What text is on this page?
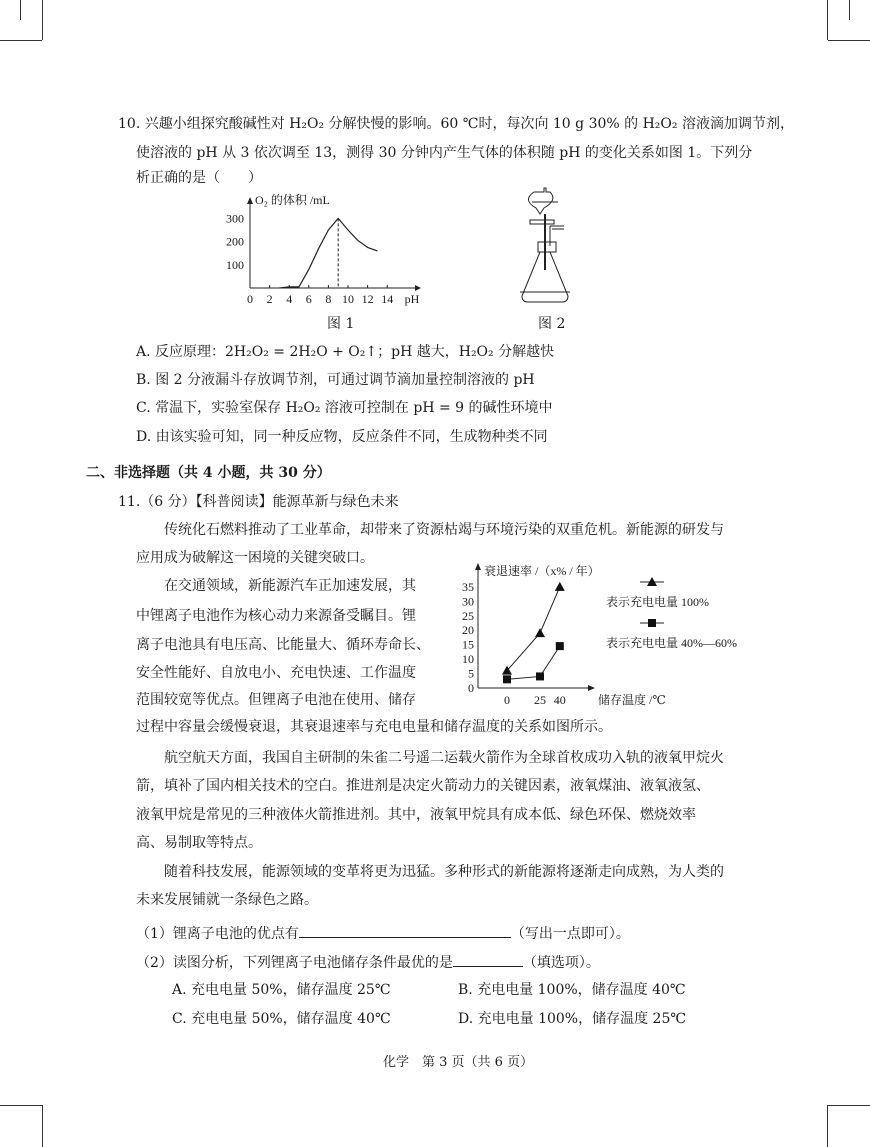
10. 兴趣小组探究酸碱性对 H₂O₂ 分解快慢的影响。60 ℃时，每次向 10 g 30% 的 H₂O₂ 溶液滴加调节剂，
使溶液的 pH 从 3 依次调至 13，测得 30 分钟内产生气体的体积随 pH 的变化关系如图 1。下列分
析正确的是（　　）
O₂ 的体积 /mL
0 2 4 6 8 10 12 14 pH
100
200
300
图 1	图 2
A. 反应原理：2H₂O₂ = 2H₂O + O₂↑；pH 越大，H₂O₂ 分解越快
B. 图 2 分液漏斗存放调节剂，可通过调节滴加量控制溶液的 pH
C. 常温下，实验室保存 H₂O₂ 溶液可控制在 pH = 9 的碱性环境中
D. 由该实验可知，同一种反应物，反应条件不同，生成物种类不同
二、非选择题（共 4 小题，共 30 分）
11.（6 分）【科普阅读】能源革新与绿色未来
传统化石燃料推动了工业革命，却带来了资源枯竭与环境污染的双重危机。新能源的研发与
应用成为破解这一困境的关键突破口。
在交通领域，新能源汽车正加速发展，其
中锂离子电池作为核心动力来源备受瞩目。锂
离子电池具有电压高、比能量大、循环寿命长、
安全性能好、自放电小、充电快速、工作温度
范围较宽等优点。但锂离子电池在使用、储存
过程中容量会缓慢衰退，其衰退速率与充电电量和储存温度的关系如图所示。
航空航天方面，我国自主研制的朱雀二号遥二运载火箭作为全球首枚成功入轨的液氧甲烷火
箭，填补了国内相关技术的空白。推进剂是决定火箭动力的关键因素，液氧煤油、液氧液氢、
液氧甲烷是常见的三种液体火箭推进剂。其中，液氧甲烷具有成本低、绿色环保、燃烧效率
高、易制取等特点。
随着科技发展，能源领域的变革将更为迅猛。多种形式的新能源将逐渐走向成熟，为人类的
未来发展铺就一条绿色之路。
衰退速率 /（x% / 年）
0
5
10
15
20
25
30
35
0 25 40	储存温度 /℃
表示充电电量 100%
表示充电电量 40%—60%
（1）锂离子电池的优点有	（写出一点即可）。
（2）读图分析，下列锂离子电池储存条件最优的是	（填选项）。
A. 充电电量 50%，储存温度 25℃	B. 充电电量 100%，储存温度 40℃
C. 充电电量 50%，储存温度 40℃	D. 充电电量 100%，储存温度 25℃
化学　第 3 页（共 6 页）
